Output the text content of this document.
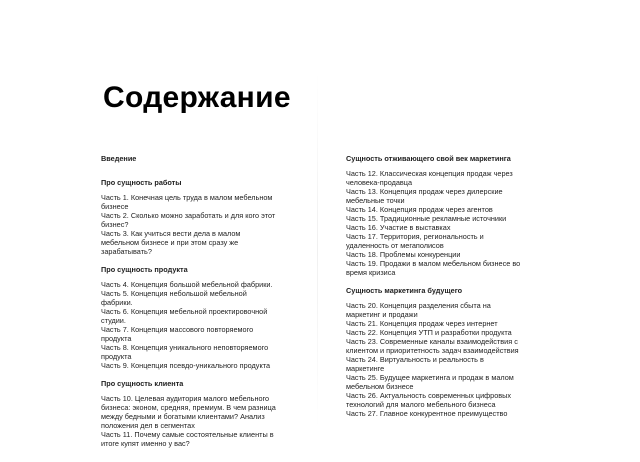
Содержание
Введение
Про сущность работы
Часть 1. Конечная цель труда в малом мебельном бизнесе
Часть 2. Сколько можно заработать и для кого этот бизнес?
Часть 3. Как учиться вести дела в малом мебельном бизнесе и при этом сразу же зарабатывать?
Про сущность продукта
Часть 4. Концепция большой мебельной фабрики.
Часть 5. Концепция небольшой мебельной фабрики.
Часть 6. Концепция мебельной проектировочной студии.
Часть 7. Концепция массового повторяемого продукта
Часть 8. Концепция уникального неповторяемого продукта
Часть 9. Концепция псевдо-уникального продукта
Про сущность клиента
Часть 10. Целевая аудитория малого мебельного бизнеса: эконом, средняя, премиум. В чем разница между бедными и богатыми клиентами? Анализ положения дел в сегментах
Часть 11. Почему самые состоятельные клиенты в итоге купят именно у вас?
Сущность отживающего свой век маркетинга
Часть 12. Классическая концепция продаж через человека-продавца
Часть 13. Концепция продаж через дилерские мебельные точки
Часть 14. Концепция продаж через агентов
Часть 15. Традиционные рекламные источники
Часть 16. Участие в выставках
Часть 17. Территория, региональность и удаленность от мегаполисов
Часть 18. Проблемы конкуренции
Часть 19. Продажи в малом мебельном бизнесе во время кризиса
Сущность маркетинга будущего
Часть 20. Концепция разделения сбыта на маркетинг и продажи
Часть 21. Концепция продаж через интернет
Часть 22. Концепция УТП и разработки продукта
Часть 23. Современные каналы взаимодействия с клиентом и приоритетность задач взаимодействия
Часть 24. Виртуальность и реальность в маркетинге
Часть 25. Будущее маркетинга и продаж в малом мебельном бизнесе
Часть 26. Актуальность современных цифровых технологий для малого мебельного бизнеса
Часть 27. Главное конкурентное преимущество
